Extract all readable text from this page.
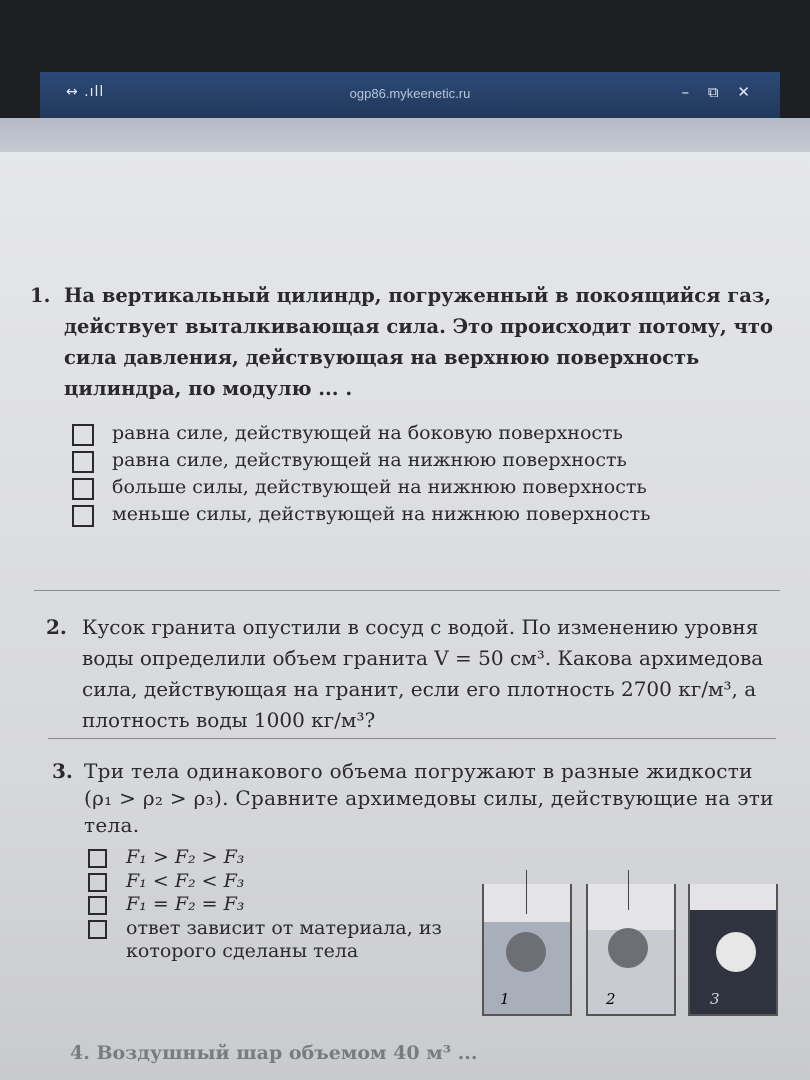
↔ .ıll	ogp86.mykeenetic.ru	– ⧉ ✕
1. На вертикальный цилиндр, погруженный в покоящийся газ, действует выталкивающая сила. Это происходит потому, что сила давления, действующая на верхнюю поверхность цилиндра, по модулю ... .
равна силе, действующей на боковую поверхность
равна силе, действующей на нижнюю поверхность
больше силы, действующей на нижнюю поверхность
меньше силы, действующей на нижнюю поверхность
2. Кусок гранита опустили в сосуд с водой. По изменению уровня воды определили объем гранита V = 50 см³. Какова архимедова сила, действующая на гранит, если его плотность 2700 кг/м³, а плотность воды 1000 кг/м³?
3. Три тела одинакового объема погружают в разные жидкости (ρ₁ > ρ₂ > ρ₃). Сравните архимедовы силы, действующие на эти тела.
F₁ > F₂ > F₃
F₁ < F₂ < F₃
F₁ = F₂ = F₃
ответ зависит от материала, из которого сделаны тела
1	2	3
4. Воздушный шар объемом 40 м³ ...
